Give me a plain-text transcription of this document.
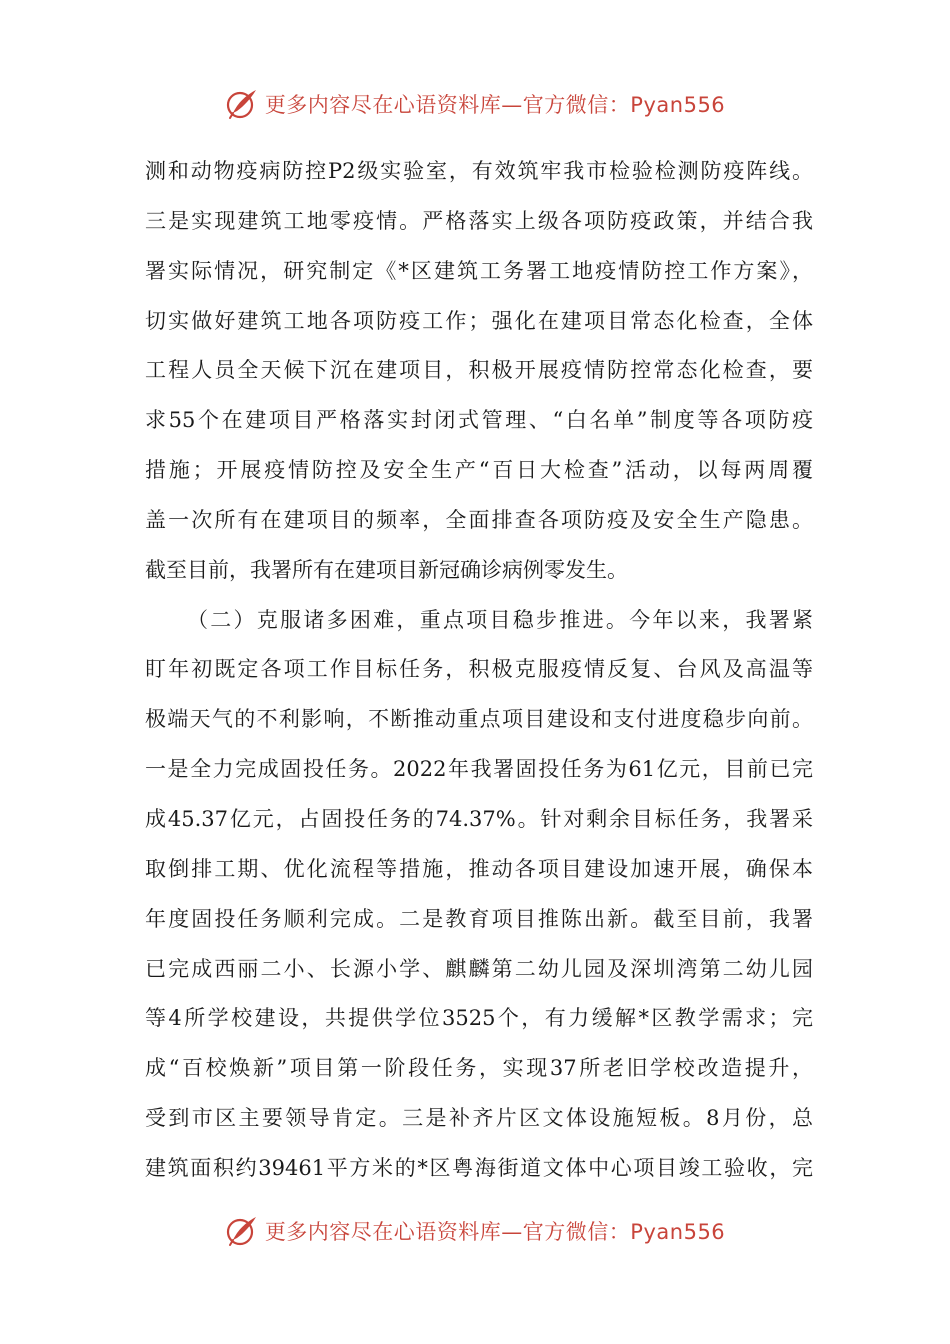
更多内容尽在心语资料库—官方微信：Pyan556
测和动物疫病防控P2级实验室，有效筑牢我市检验检测防疫阵线。
三是实现建筑工地零疫情。严格落实上级各项防疫政策，并结合我
署实际情况，研究制定《*区建筑工务署工地疫情防控工作方案》，
切实做好建筑工地各项防疫工作；强化在建项目常态化检查，全体
工程人员全天候下沉在建项目，积极开展疫情防控常态化检查，要
求55个在建项目严格落实封闭式管理、“白名单”制度等各项防疫
措施；开展疫情防控及安全生产“百日大检查”活动，以每两周覆
盖一次所有在建项目的频率，全面排查各项防疫及安全生产隐患。
截至目前，我署所有在建项目新冠确诊病例零发生。
（二）克服诸多困难，重点项目稳步推进。今年以来，我署紧
盯年初既定各项工作目标任务，积极克服疫情反复、台风及高温等
极端天气的不利影响，不断推动重点项目建设和支付进度稳步向前。
一是全力完成固投任务。2022年我署固投任务为61亿元，目前已完
成45.37亿元，占固投任务的74.37%。针对剩余目标任务，我署采
取倒排工期、优化流程等措施，推动各项目建设加速开展，确保本
年度固投任务顺利完成。二是教育项目推陈出新。截至目前，我署
已完成西丽二小、长源小学、麒麟第二幼儿园及深圳湾第二幼儿园
等4所学校建设，共提供学位3525个，有力缓解*区教学需求；完
成“百校焕新”项目第一阶段任务，实现37所老旧学校改造提升，
受到市区主要领导肯定。三是补齐片区文体设施短板。8月份，总
建筑面积约39461平方米的*区粤海街道文体中心项目竣工验收，完
更多内容尽在心语资料库—官方微信：Pyan556
